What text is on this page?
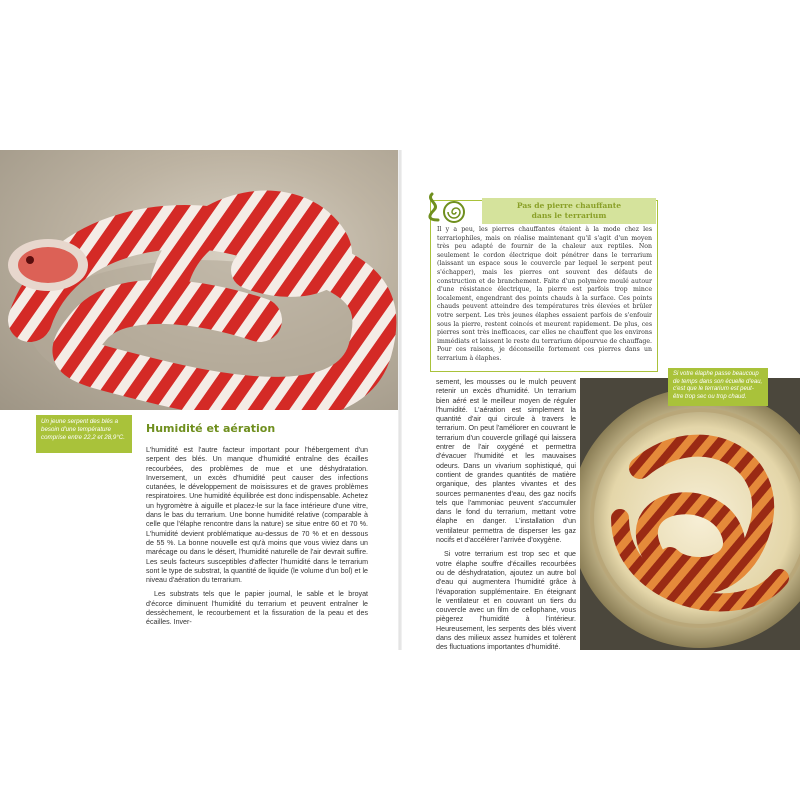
Un jeune serpent des blés a besoin d'une température comprise entre 22,2 et 28,9°C.
Humidité et aération

L'humidité est l'autre facteur important pour l'hébergement d'un serpent des blés. Un manque d'humidité entraîne des écailles recourbées, des problèmes de mue et une déshydratation. Inversement, un excès d'humidité peut causer des infections cutanées, le développement de moisissures et de graves problèmes respiratoires. Une humidité équilibrée est donc indispensable. Achetez un hygromètre à aiguille et placez-le sur la face intérieure d'une vitre, dans le bas du terrarium. Une bonne humidité relative (comparable à celle que l'élaphe rencontre dans la nature) se situe entre 60 et 70 %. L'humidité devient problématique au-dessus de 70 % et en dessous de 55 %. La bonne nouvelle est qu'à moins que vous viviez dans un marécage ou dans le désert, l'humidité naturelle de l'air devrait suffire. Les seuls facteurs susceptibles d'affecter l'humidité dans le terrarium sont le type de substrat, la quantité de liquide (le volume d'un bol) et le niveau d'aération du terrarium.

Les substrats tels que le papier journal, le sable et le broyat d'écorce diminuent l'humidité du terrarium et peuvent entraîner le dessèchement, le recourbement et la fissuration de la peau et des écailles. Inver-

sement, les mousses ou le mulch peuvent retenir un excès d'humidité. Un terrarium bien aéré est le meilleur moyen de réguler l'humidité. L'aération est simplement la quantité d'air qui circule à travers le terrarium. On peut l'améliorer en couvrant le terrarium d'un couvercle grillagé qui laissera entrer de l'air oxygéné et permettra d'évacuer l'humidité et les mauvaises odeurs. Dans un vivarium sophistiqué, qui contient de grandes quantités de matière organique, des plantes vivantes et des sources permanentes d'eau, des gaz nocifs tels que l'ammoniac peuvent s'accumuler dans le fond du terrarium, mettant votre élaphe en danger. L'installation d'un ventilateur permettra de disperser les gaz nocifs et d'accélérer l'arrivée d'oxygène.

Si votre terrarium est trop sec et que votre élaphe souffre d'écailles recourbées ou de déshydratation, ajoutez un autre bol d'eau qui augmentera l'humidité grâce à l'évaporation supplémentaire. En éteignant le ventilateur et en couvrant un tiers du couvercle avec un film de cellophane, vous piègerez l'humidité à l'intérieur. Heureusement, les serpents des blés vivent dans des milieux assez humides et tolèrent des fluctuations importantes d'humidité.

Pas de pierre chauffante
dans le terrarium
Il y a peu, les pierres chauffantes étaient à la mode chez les terrariophiles, mais on réalise maintenant qu'il s'agit d'un moyen très peu adapté de fournir de la chaleur aux reptiles. Non seulement le cordon électrique doit pénétrer dans le terrarium (laissant un espace sous le couvercle par lequel le serpent peut s'échapper), mais les pierres ont souvent des défauts de construction et de branchement. Faite d'un polymère moulé autour d'une résistance électrique, la pierre est parfois trop mince localement, engendrant des points chauds à la surface. Ces points chauds peuvent atteindre des températures très élevées et brûler votre serpent. Les très jeunes élaphes essaient parfois de s'enfouir sous la pierre, restent coincés et meurent rapidement. De plus, ces pierres sont très inefficaces, car elles ne chauffent que les environs immédiats et laissent le reste du terrarium dépourvue de chauffage. Pour ces raisons, je déconseille fortement ces pierres dans un terrarium à élaphes.
Si votre élaphe passe beaucoup de temps dans son écuelle d'eau, c'est que le terrarium est peut-être trop sec ou trop chaud.
